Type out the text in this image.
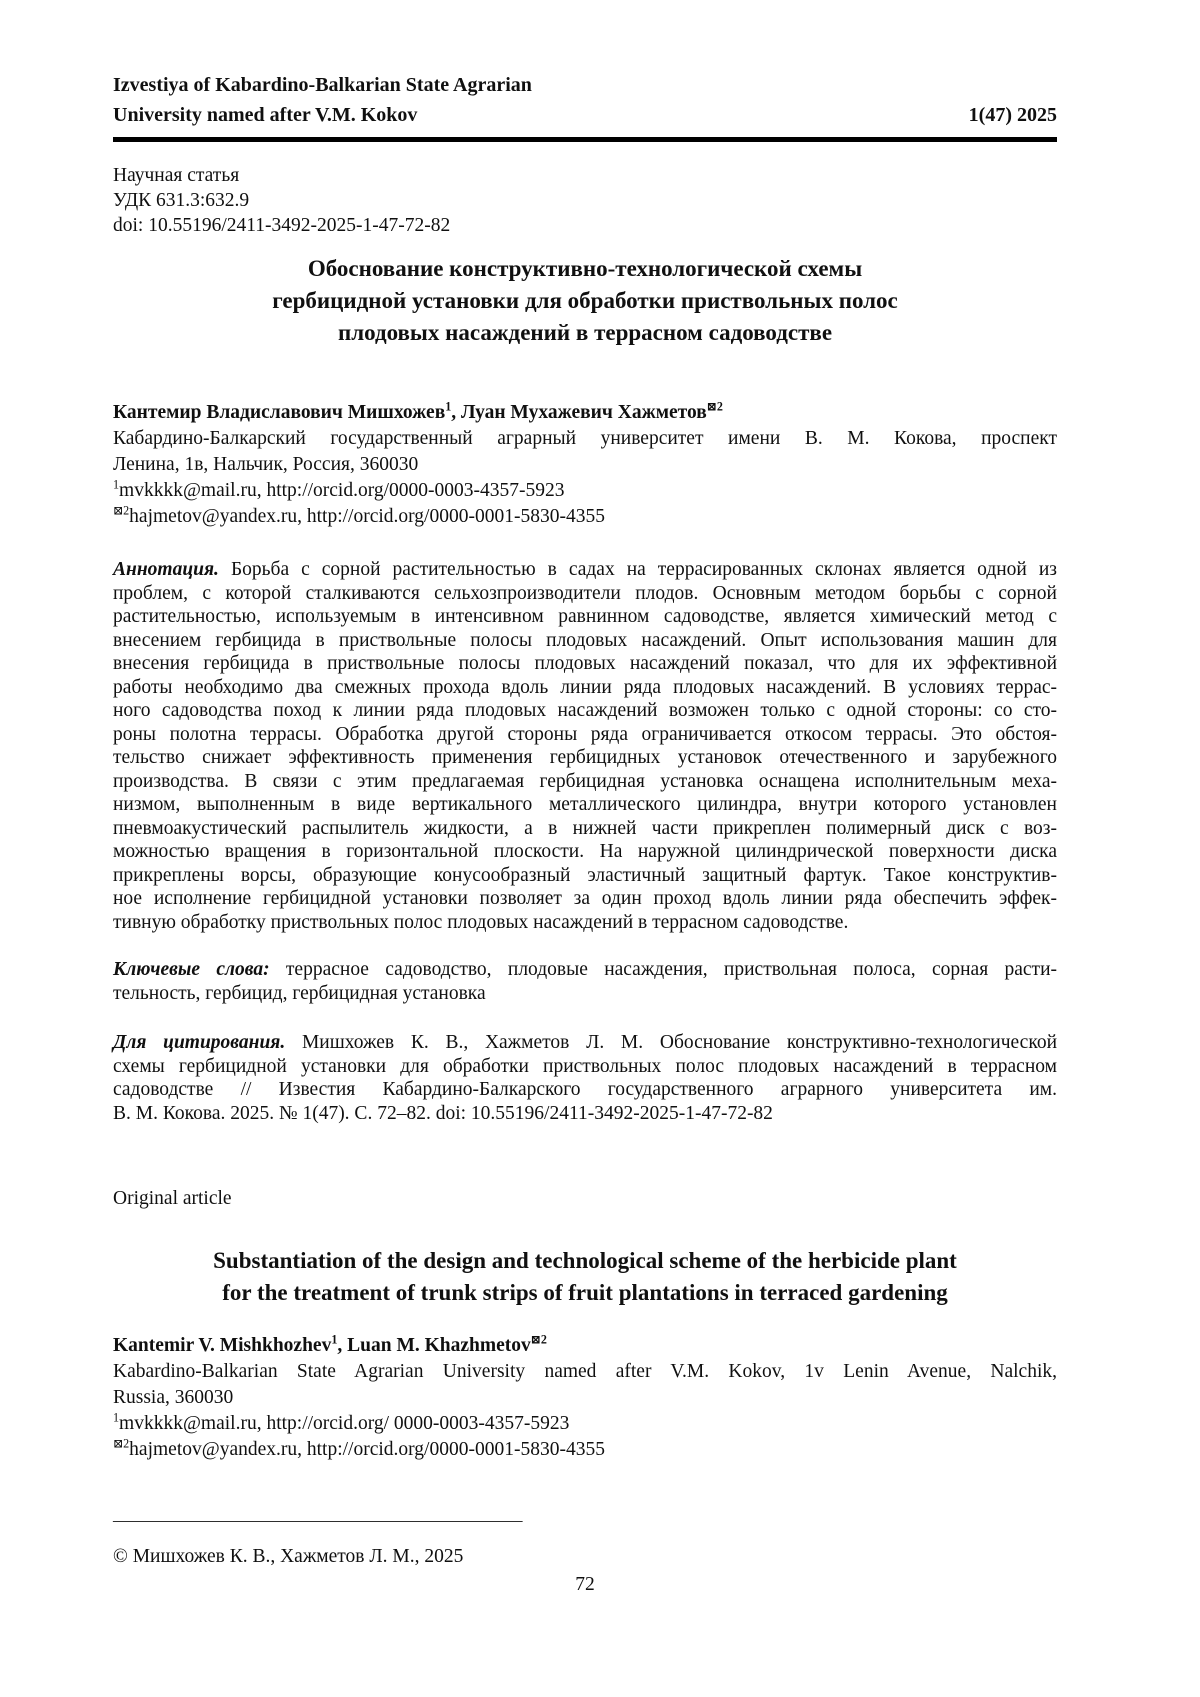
Izvestiya of Kabardino-Balkarian State Agrarian
University named after V.M. Kokov	1(47) 2025
Научная статья
УДК 631.3:632.9
doi: 10.55196/2411-3492-2025-1-47-72-82
Обоснование конструктивно-технологической схемы
гербицидной установки для обработки приствольных полос
плодовых насаждений в террасном садоводстве
Кантемир Владиславович Мишхожев$^1$, Луан Мухажевич Хажметов$^{⊠2}$
Кабардино-Балкарский государственный аграрный университет имени В. М. Кокова, проспект
Ленина, 1в, Нальчик, Россия, 360030
$^1$mvkkkk@mail.ru, http://orcid.org/0000-0003-4357-5923
$^{⊠2}$hajmetov@yandex.ru, http://orcid.org/0000-0001-5830-4355
Аннотация. Борьба с сорной растительностью в садах на террасированных склонах является одной из
проблем, с которой сталкиваются сельхозпроизводители плодов. Основным методом борьбы с сорной
растительностью, используемым в интенсивном равнинном садоводстве, является химический метод с
внесением гербицида в приствольные полосы плодовых насаждений. Опыт использования машин для
внесения гербицида в приствольные полосы плодовых насаждений показал, что для их эффективной
работы необходимо два смежных прохода вдоль линии ряда плодовых насаждений. В условиях террас-
ного садоводства поход к линии ряда плодовых насаждений возможен только с одной стороны: со сто-
роны полотна террасы. Обработка другой стороны ряда ограничивается откосом террасы. Это обстоя-
тельство снижает эффективность применения гербицидных установок отечественного и зарубежного
производства. В связи с этим предлагаемая гербицидная установка оснащена исполнительным меха-
низмом, выполненным в виде вертикального металлического цилиндра, внутри которого установлен
пневмоакустический распылитель жидкости, а в нижней части прикреплен полимерный диск с воз-
можностью вращения в горизонтальной плоскости. На наружной цилиндрической поверхности диска
прикреплены ворсы, образующие конусообразный эластичный защитный фартук. Такое конструктив-
ное исполнение гербицидной установки позволяет за один проход вдоль линии ряда обеспечить эффек-
тивную обработку приствольных полос плодовых насаждений в террасном садоводстве.
Ключевые слова: террасное садоводство, плодовые насаждения, приствольная полоса, сорная расти-
тельность, гербицид, гербицидная установка
Для цитирования. Мишхожев К. В., Хажметов Л. М. Обоснование конструктивно-технологической
схемы гербицидной установки для обработки приствольных полос плодовых насаждений в террасном
садоводстве // Известия Кабардино-Балкарского государственного аграрного университета им.
В. М. Кокова. 2025. № 1(47). С. 72–82. doi: 10.55196/2411-3492-2025-1-47-72-82
Original article
Substantiation of the design and technological scheme of the herbicide plant
for the treatment of trunk strips of fruit plantations in terraced gardening
Kantemir V. Mishkhozhev$^1$, Luan M. Khazhmetov$^{⊠2}$
Kabardino-Balkarian State Agrarian University named after V.M. Kokov, 1v Lenin Avenue, Nalchik,
Russia, 360030
$^1$mvkkkk@mail.ru, http://orcid.org/ 0000-0003-4357-5923
$^{⊠2}$hajmetov@yandex.ru, http://orcid.org/0000-0001-5830-4355
—————————————————————
© Мишхожев К. В., Хажметов Л. М., 2025
72
